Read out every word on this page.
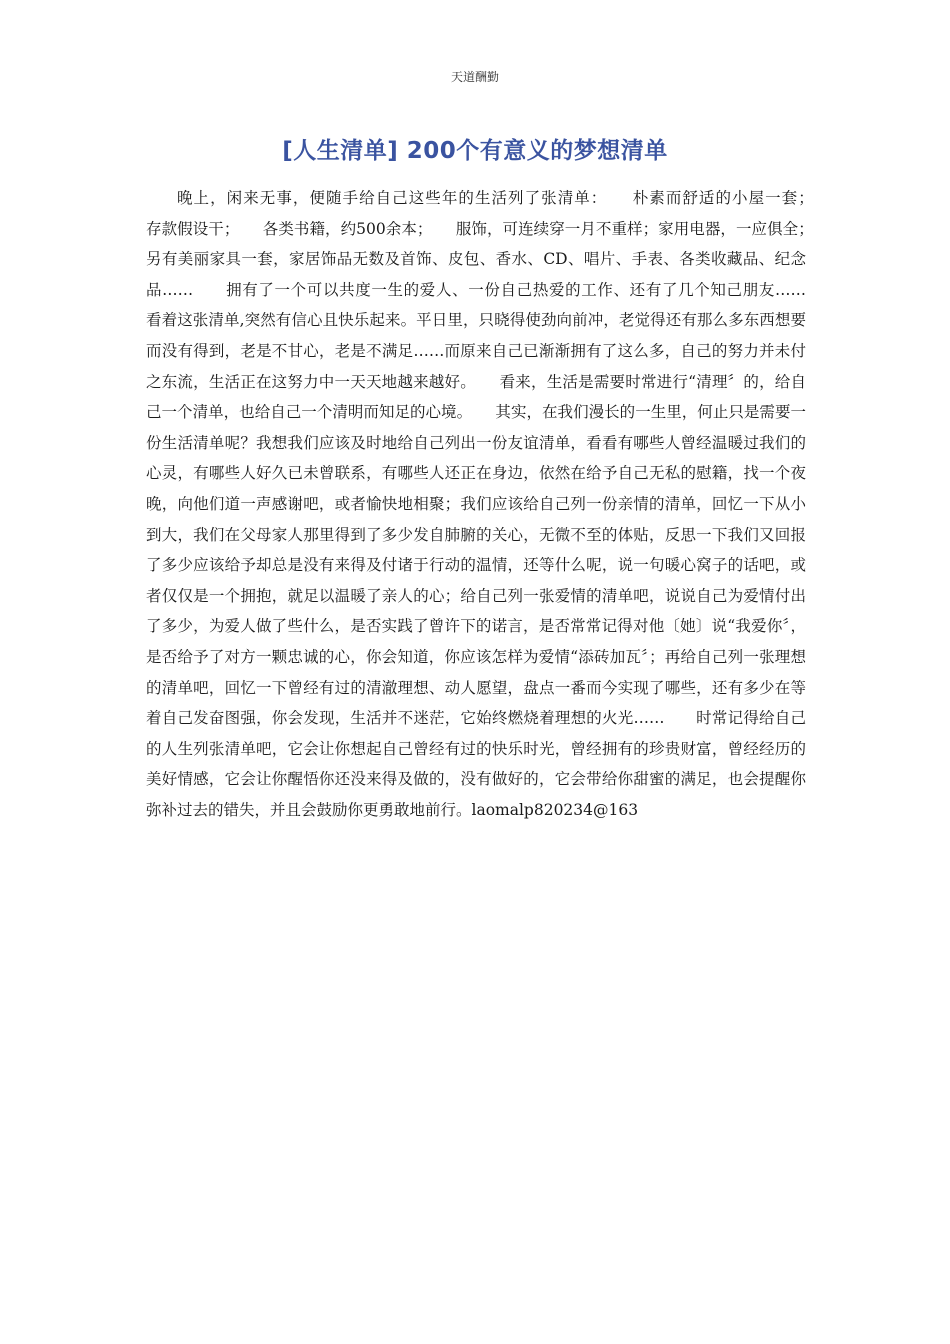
天道酬勤
[人生清单] 200个有意义的梦想清单
晚上，闲来无事，便随手给自己这些年的生活列了张清单：　　朴素而舒适的小屋一套；　　存款假设干；　　各类书籍，约500余本；　　服饰，可连续穿一月不重样；家用电器，一应俱全；　　另有美丽家具一套，家居饰品无数及首饰、皮包、香水、CD、唱片、手表、各类收藏品、纪念品……　　拥有了一个可以共度一生的爱人、一份自己热爱的工作、还有了几个知己朋友……　　看着这张清单,突然有信心且快乐起来。平日里，只晓得使劲向前冲，老觉得还有那么多东西想要而没有得到，老是不甘心，老是不满足……而原来自己已渐渐拥有了这么多，自己的努力并未付之东流，生活正在这努力中一天天地越来越好。　　看来，生活是需要时常进行“清理〞的，给自己一个清单，也给自己一个清明而知足的心境。　　其实，在我们漫长的一生里，何止只是需要一份生活清单呢？我想我们应该及时地给自己列出一份友谊清单，看看有哪些人曾经温暖过我们的心灵，有哪些人好久已未曾联系，有哪些人还正在身边，依然在给予自己无私的慰籍，找一个夜晚，向他们道一声感谢吧，或者愉快地相聚；我们应该给自己列一份亲情的清单，回忆一下从小到大，我们在父母家人那里得到了多少发自肺腑的关心，无微不至的体贴，反思一下我们又回报了多少应该给予却总是没有来得及付诸于行动的温情，还等什么呢，说一句暖心窝子的话吧，或者仅仅是一个拥抱，就足以温暖了亲人的心；给自己列一张爱情的清单吧，说说自己为爱情付出了多少，为爱人做了些什么，是否实践了曾许下的诺言，是否常常记得对他〔她〕说“我爱你〞，是否给予了对方一颗忠诚的心，你会知道，你应该怎样为爱情“添砖加瓦〞；再给自己列一张理想的清单吧，回忆一下曾经有过的清澈理想、动人愿望，盘点一番而今实现了哪些，还有多少在等着自己发奋图强，你会发现，生活并不迷茫，它始终燃烧着理想的火光……　　时常记得给自己的人生列张清单吧，它会让你想起自己曾经有过的快乐时光，曾经拥有的珍贵财富，曾经经历的美好情感，它会让你醒悟你还没来得及做的，没有做好的，它会带给你甜蜜的满足，也会提醒你弥补过去的错失，并且会鼓励你更勇敢地前行。laomalp820234@163
